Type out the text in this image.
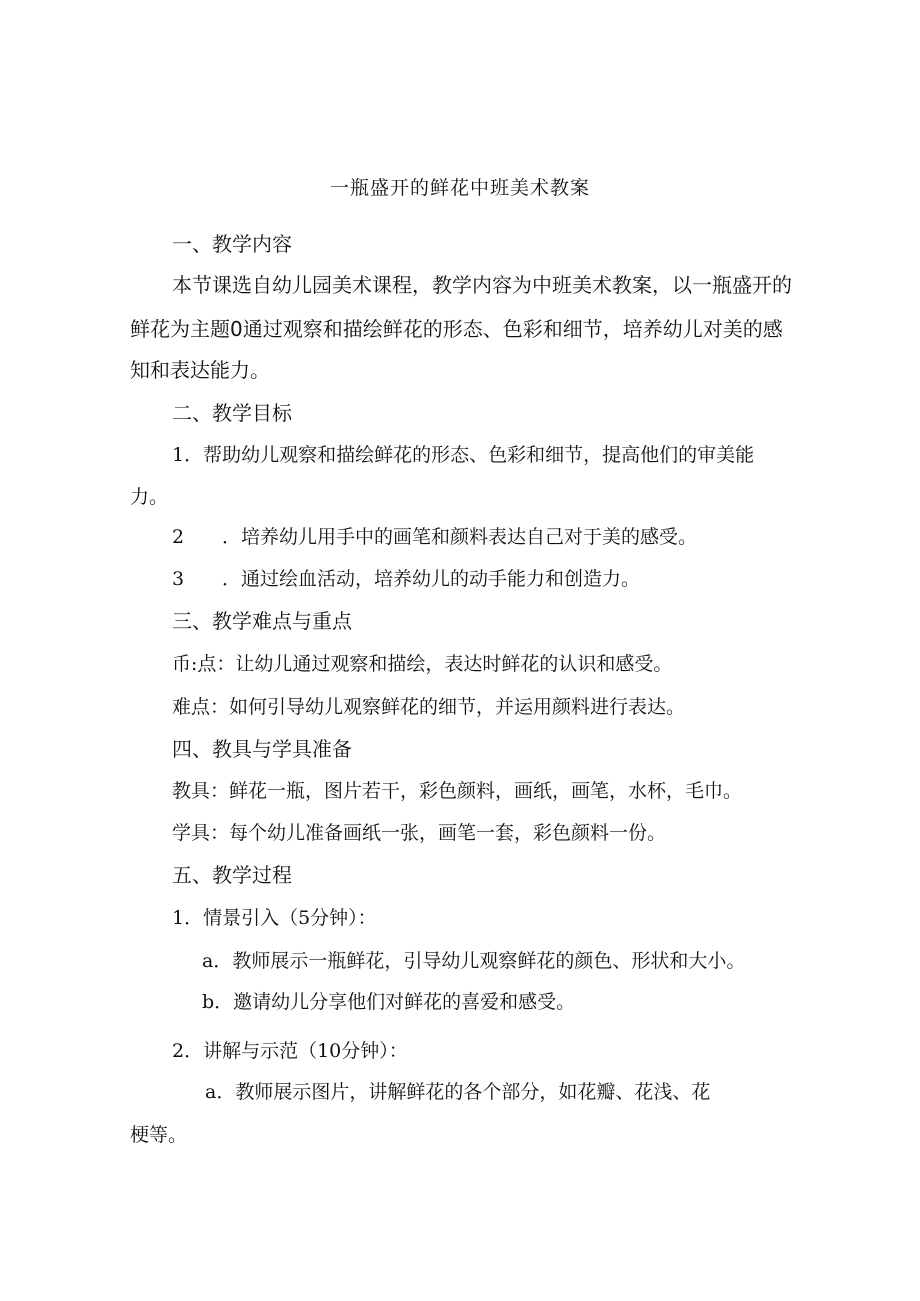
一瓶盛开的鲜花中班美术教案
一、教学内容
本节课选自幼儿园美术课程，教学内容为中班美术教案，以一瓶盛开的
鲜花为主题0通过观察和描绘鲜花的形态、色彩和细节，培养幼儿对美的感
知和表达能力。
二、教学目标
1．帮助幼儿观察和描绘鲜花的形态、色彩和细节，提高他们的审美能
力。
2 ．培养幼儿用手中的画笔和颜料表达自己对于美的感受。
3 ．通过绘血活动，培养幼儿的动手能力和创造力。
三、教学难点与重点
币:点：让幼儿通过观察和描绘，表达时鲜花的认识和感受。
难点：如何引导幼儿观察鲜花的细节，并运用颜料进行表达。
四、教具与学具准备
教具：鲜花一瓶，图片若干，彩色颜料，画纸，画笔，水杯，毛巾。
学具：每个幼儿准备画纸一张，画笔一套，彩色颜料一份。
五、教学过程
1．情景引入（5分钟）：
a．教师展示一瓶鲜花，引导幼儿观察鲜花的颜色、形状和大小。
b．邀请幼儿分享他们对鲜花的喜爱和感受。
2．讲解与示范（10分钟）：
a．教师展示图片，讲解鲜花的各个部分，如花瓣、花浅、花
梗等。
